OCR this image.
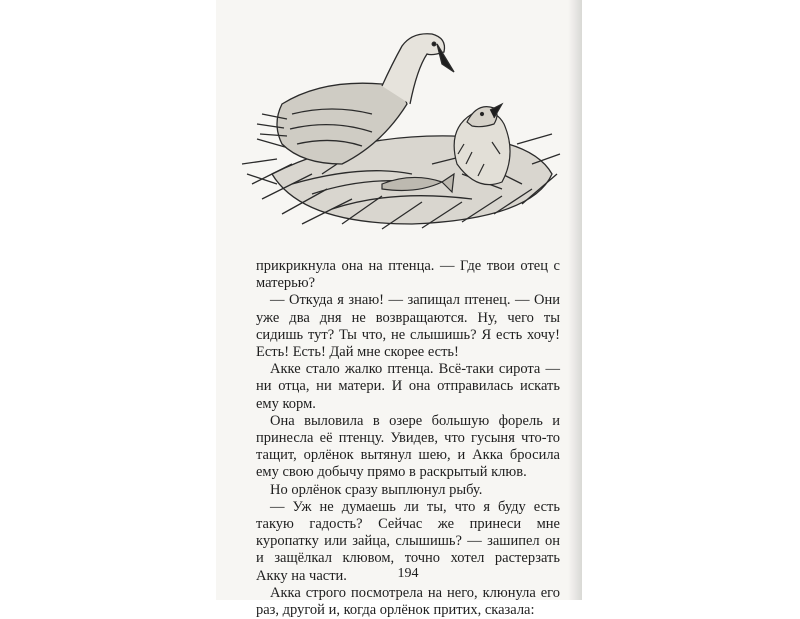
прикрикнула она на птенца. — Где твои отец с матерью?

— Откуда я знаю! — запищал птенец. — Они уже два дня не возвращаются. Ну, чего ты сидишь тут? Ты что, не слышишь? Я есть хочу! Есть! Есть! Дай мне скорее есть!

Акке стало жалко птенца. Всё-таки сирота — ни отца, ни матери. И она отправилась искать ему корм.

Она выловила в озере большую форель и принесла её птенцу. Увидев, что гусыня что-то тащит, орлёнок вытянул шею, и Акка бросила ему свою добычу прямо в раскрытый клюв.

Но орлёнок сразу выплюнул рыбу.

— Уж не думаешь ли ты, что я буду есть такую гадость? Сейчас же принеси мне куропатку или зайца, слышишь? — зашипел он и защёлкал клювом, точно хотел растерзать Акку на части.

Акка строго посмотрела на него, клюнула его раз, другой и, когда орлёнок притих, сказала:

194
